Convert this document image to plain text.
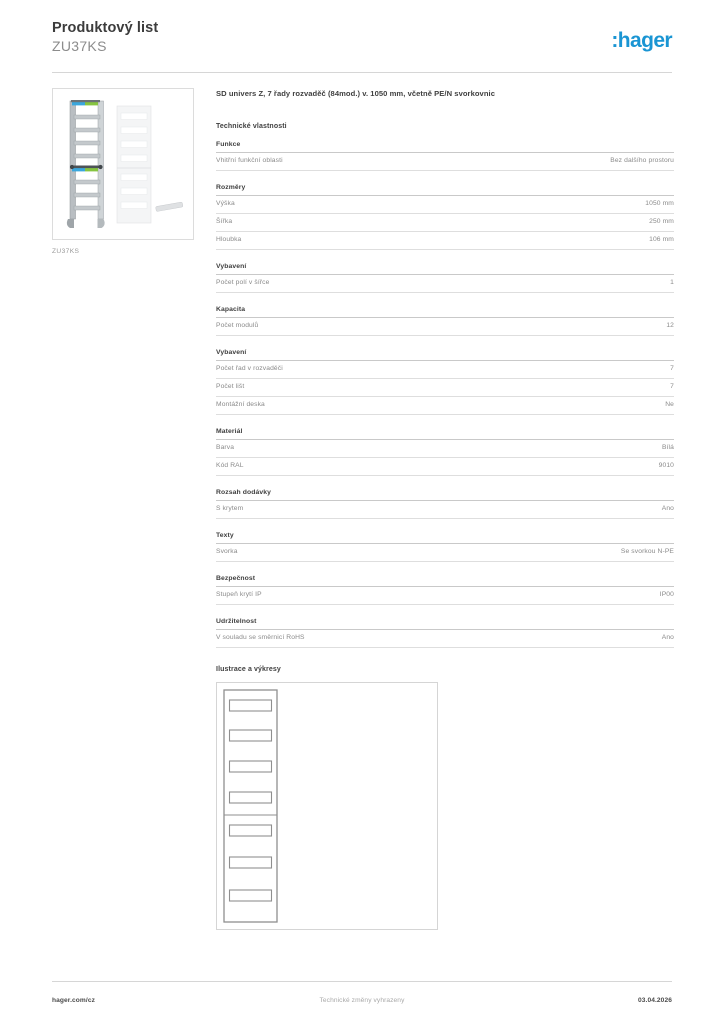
Produktový list
ZU37KS	:hager
ZU37KS
SD univers Z, 7 řady rozvaděč (84mod.) v. 1050 mm, včetně PE/N svorkovnic
Technické vlastnosti
Funkce
Vhitřní funkční oblasti	Bez dalšího prostoru
Rozměry
Výška	1050 mm
Šířka	250 mm
Hloubka	106 mm
Vybavení
Počet polí v šířce	1
Kapacita
Počet modulů	12
Vybavení
Počet řad v rozvaděči	7
Počet lišt	7
Montážní deska	Ne
Materiál
Barva	Bílá
Kód RAL	9010
Rozsah dodávky
S krytem	Ano
Texty
Svorka	Se svorkou N-PE
Bezpečnost
Stupeň krytí IP	IP00
Udržitelnost
V souladu se směrnicí RoHS	Ano
Ilustrace a výkresy
hager.com/cz	Technické změny vyhrazeny	03.04.2026
